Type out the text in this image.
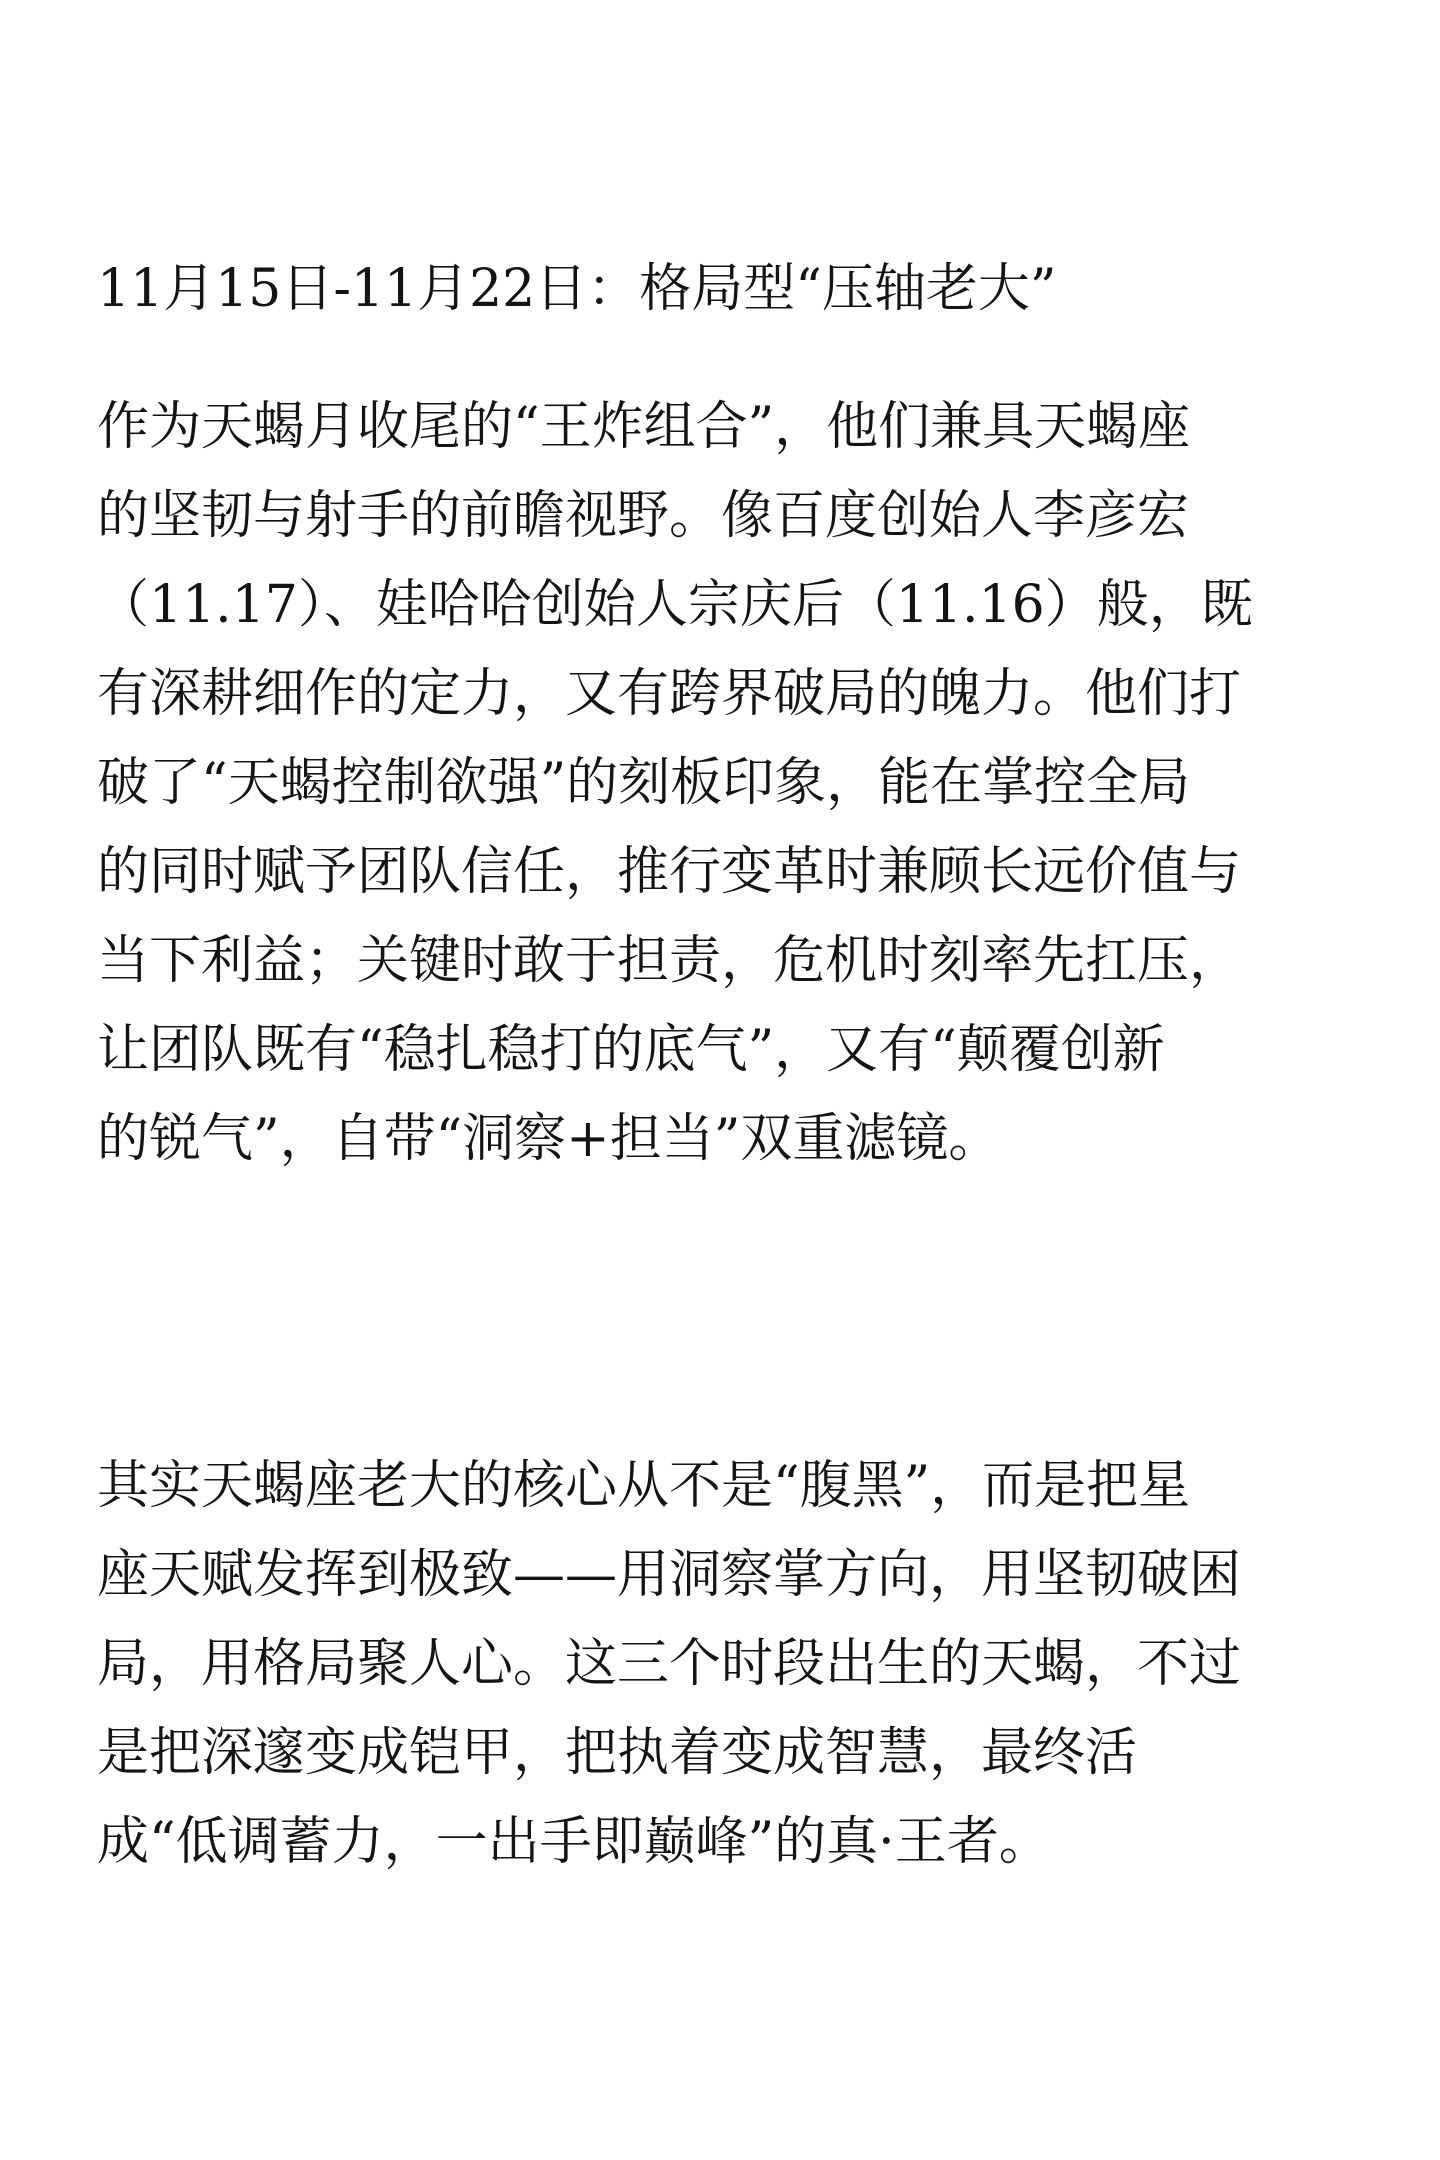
11月15日-11月22日：格局型“压轴老大”

作为天蝎月收尾的“王炸组合”，他们兼具天蝎座
的坚韧与射手的前瞻视野。像百度创始人李彦宏
（11.17）、娃哈哈创始人宗庆后（11.16）般，既
有深耕细作的定力，又有跨界破局的魄力。他们打
破了“天蝎控制欲强”的刻板印象，能在掌控全局
的同时赋予团队信任，推行变革时兼顾长远价值与
当下利益；关键时敢于担责，危机时刻率先扛压，
让团队既有“稳扎稳打的底气”，又有“颠覆创新
的锐气”，自带“洞察+担当”双重滤镜。

其实天蝎座老大的核心从不是“腹黑”，而是把星
座天赋发挥到极致——用洞察掌方向，用坚韧破困
局，用格局聚人心。这三个时段出生的天蝎，不过
是把深邃变成铠甲，把执着变成智慧，最终活
成“低调蓄力，一出手即巅峰”的真·王者。
